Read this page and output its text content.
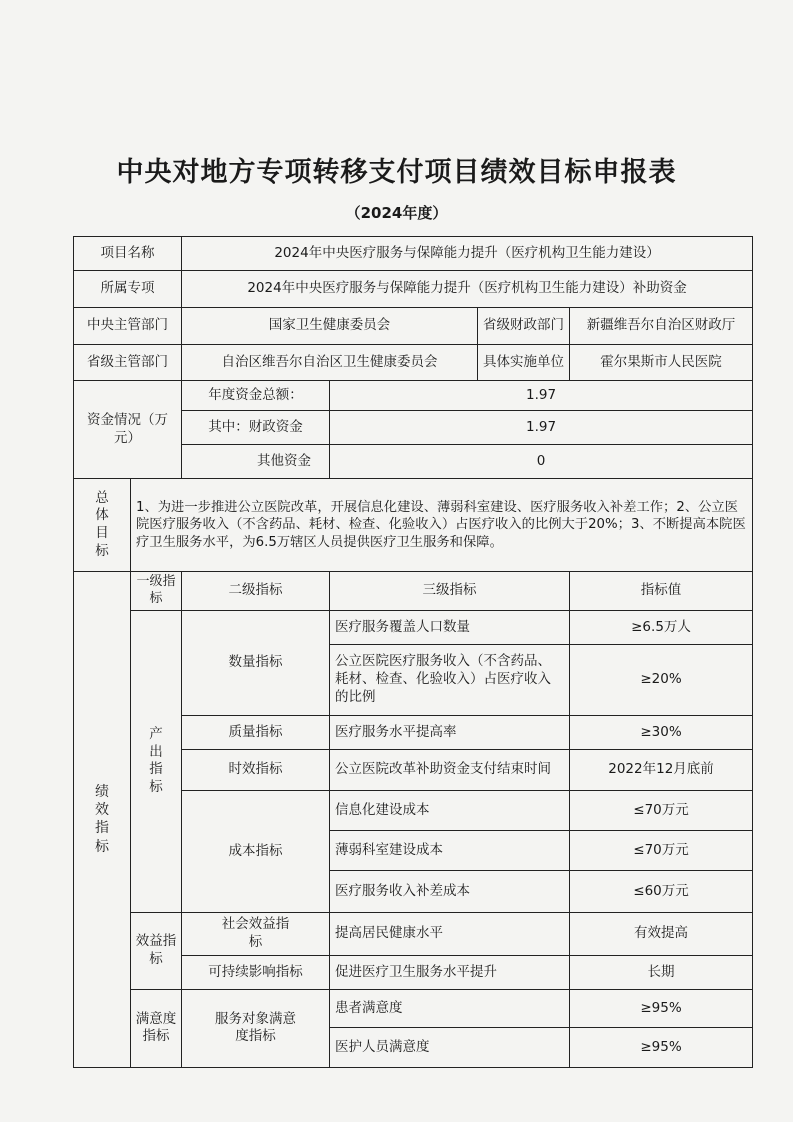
中央对地方专项转移支付项目绩效目标申报表
（2024年度）
项目名称		2024年中央医疗服务与保障能力提升（医疗机构卫生能力建设）			
所属专项		2024年中央医疗服务与保障能力提升（医疗机构卫生能力建设）补助资金			
中央主管部门		国家卫生健康委员会		省级财政部门	新疆维吾尔自治区财政厅
省级主管部门		自治区维吾尔自治区卫生健康委员会		具体实施单位	霍尔果斯市人民医院
资金情况（万元）		年度资金总额：	1.97		
		其中：财政资金	1.97		
		其他资金	0		
总体目标	1、为进一步推进公立医院改革，开展信息化建设、薄弱科室建设、医疗服务收入补差工作；2、公立医院医疗服务收入（不含药品、耗材、检查、化验收入）占医疗收入的比例大于20%；3、不断提高本院医疗卫生服务水平，为6.5万辖区人员提供医疗卫生服务和保障。				
绩效指标	一级指标	二级指标	三级指标		指标值
	产出指标	数量指标	医疗服务覆盖人口数量		≥6.5万人
			公立医院医疗服务收入（不含药品、耗材、检查、化验收入）占医疗收入的比例		≥20%
		质量指标	医疗服务水平提高率		≥30%
		时效指标	公立医院改革补助资金支付结束时间		2022年12月底前
		成本指标	信息化建设成本		≤70万元
			薄弱科室建设成本		≤70万元
			医疗服务收入补差成本		≤60万元
	效益指标	社会效益指标	提高居民健康水平		有效提高
		可持续影响指标	促进医疗卫生服务水平提升		长期
	满意度指标	服务对象满意度指标	患者满意度		≥95%
			医护人员满意度		≥95%
